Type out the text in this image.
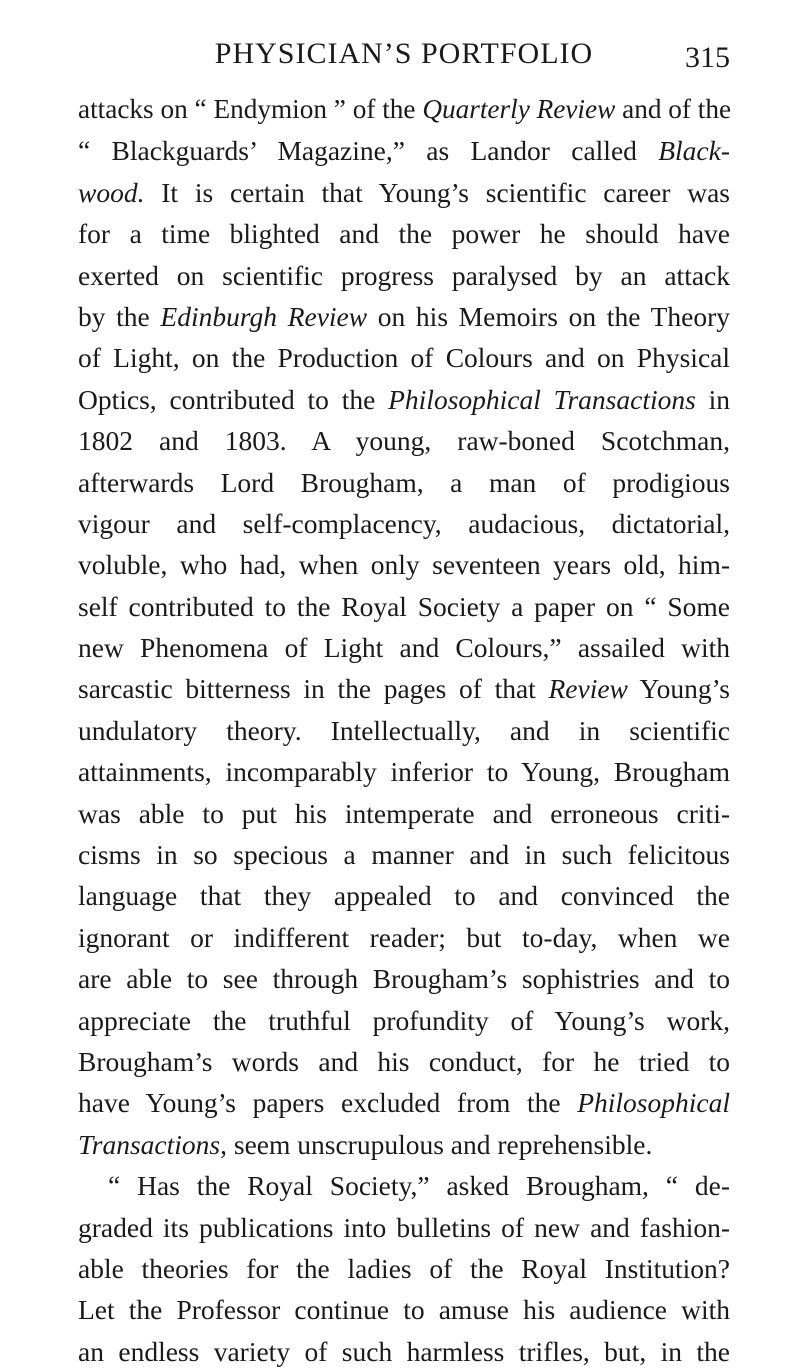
PHYSICIAN’S PORTFOLIO	315
attacks on “ Endymion ” of the Quarterly Review and of the
“ Blackguards’ Magazine,” as Landor called Black-
wood. It is certain that Young’s scientific career was
for a time blighted and the power he should have
exerted on scientific progress paralysed by an attack
by the Edinburgh Review on his Memoirs on the Theory
of Light, on the Production of Colours and on Physical
Optics, contributed to the Philosophical Transactions in
1802 and 1803. A young, raw-boned Scotchman,
afterwards Lord Brougham, a man of prodigious
vigour and self-complacency, audacious, dictatorial,
voluble, who had, when only seventeen years old, him-
self contributed to the Royal Society a paper on “ Some
new Phenomena of Light and Colours,” assailed with
sarcastic bitterness in the pages of that Review Young’s
undulatory theory. Intellectually, and in scientific
attainments, incomparably inferior to Young, Brougham
was able to put his intemperate and erroneous criti-
cisms in so specious a manner and in such felicitous
language that they appealed to and convinced the
ignorant or indifferent reader; but to-day, when we
are able to see through Brougham’s sophistries and to
appreciate the truthful profundity of Young’s work,
Brougham’s words and his conduct, for he tried to
have Young’s papers excluded from the Philosophical
Transactions, seem unscrupulous and reprehensible.
“ Has the Royal Society,” asked Brougham, “ de-
graded its publications into bulletins of new and fashion-
able theories for the ladies of the Royal Institution?
Let the Professor continue to amuse his audience with
an endless variety of such harmless trifles, but, in the
